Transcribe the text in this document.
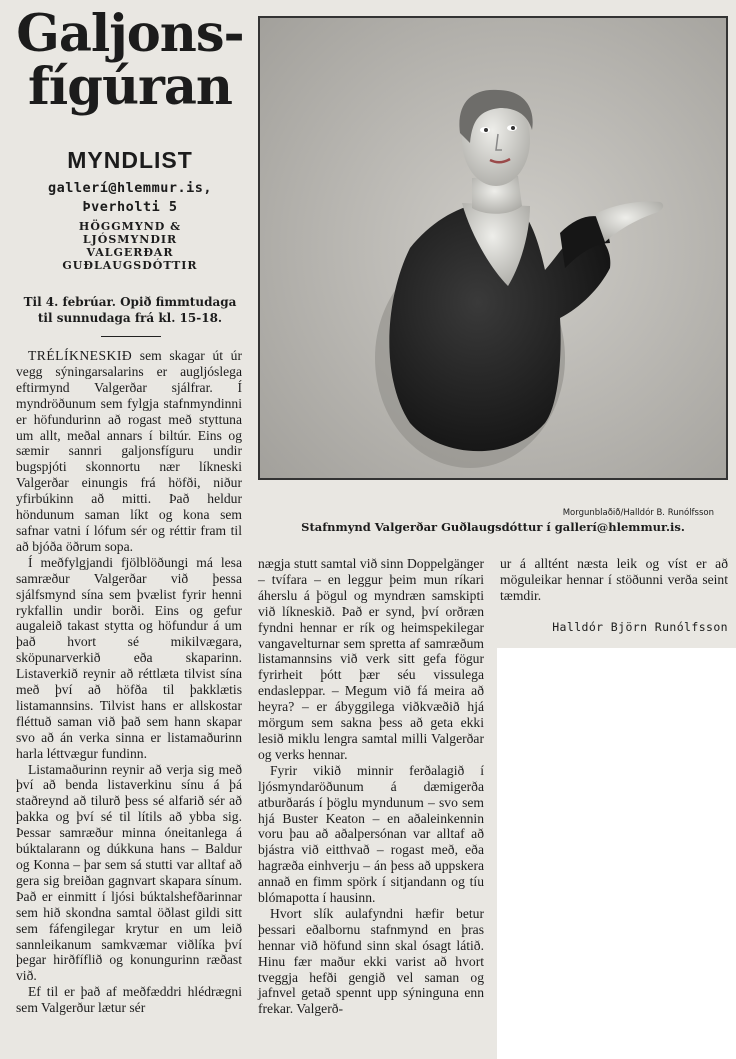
Galjons-
fígúran
MYNDLIST
gallerí@hlemmur.is,
Þverholti 5
HÖGGMYND &
LJÓSMYNDIR
VALGERÐAR
GUÐLAUGSDÓTTIR
Til 4. febrúar. Opið fimmtudaga
til sunnudaga frá kl. 15-18.

TRÉLÍKNESKIÐ sem skagar út úr vegg sýningarsalarins er augljóslega eftirmynd Valgerðar sjálfrar. Í myndröðunum sem fylgja stafnmyndinni er höfundurinn að rogast með styttuna um allt, meðal annars í biltúr. Eins og sæmir sannri galjonsfíguru undir bugspjóti skonnortu nær líkneski Valgerðar einungis frá höfði, niður yfirbúkinn að mitti. Það heldur höndunum saman líkt og kona sem safnar vatni í lófum sér og réttir fram til að bjóða öðrum sopa.

Í meðfylgjandi fjölblöðungi má lesa samræður Valgerðar við þessa sjálfsmynd sína sem þvælist fyrir henni rykfallin undir borði. Eins og gefur augaleið takast stytta og höfundur á um það hvort sé mikilvægara, sköpunarverkið eða skaparinn. Listaverkið reynir að réttlæta tilvist sína með því að höfða til þakklætis listamannsins. Tilvist hans er allskostar fléttuð saman við það sem hann skapar svo að án verka sinna er listamaðurinn harla léttvægur fundinn.

Listamaðurinn reynir að verja sig með því að benda listaverkinu sínu á þá staðreynd að tilurð þess sé alfarið sér að þakka og því sé til lítils að ybba sig. Þessar samræður minna óneitanlega á búktalarann og dúkkuna hans – Baldur og Konna – þar sem sá stutti var alltaf að gera sig breiðan gagnvart skapara sínum. Það er einmitt í ljósi búktalshefðarinnar sem hið skondna samtal öðlast gildi sitt sem fáfengilegar krytur en um leið sannleikanum samkvæmar viðlíka því þegar hirðfíflið og konungurinn ræðast við.

Ef til er það af meðfæddri hlédrægni sem Valgerður lætur sér

Morgunblaðið/Halldór B. Runólfsson
Stafnmynd Valgerðar Guðlaugsdóttur í gallerí@hlemmur.is.

nægja stutt samtal við sinn Doppelgänger – tvífara – en leggur þeim mun ríkari áherslu á þögul og myndræn samskipti við líkneskið. Það er synd, því orðræn fyndni hennar er rík og heimspekilegar vangavelturnar sem spretta af samræðum listamannsins við verk sitt gefa fögur fyrirheit þótt þær séu vissulega endasleppar. – Megum við fá meira að heyra? – er ábyggilega viðkvæðið hjá mörgum sem sakna þess að geta ekki lesið miklu lengra samtal milli Valgerðar og verks hennar.

Fyrir vikið minnir ferðalagið í ljósmyndaröðunum á dæmigerða atburðarás í þöglu myndunum – svo sem hjá Buster Keaton – en aðaleinkennin voru þau að aðalpersónan var alltaf að bjástra við eitthvað – rogast með, eða hagræða einhverju – án þess að uppskera annað en fimm spörk í sitjandann og tíu blómapotta í hausinn.

Hvort slík aulafyndni hæfir betur þessari eðalbornu stafnmynd en þras hennar við höfund sinn skal ósagt látið. Hinu fær maður ekki varist að hvort tveggja hefði gengið vel saman og jafnvel getað spennt upp sýninguna enn frekar. Valgerð-

ur á alltént næsta leik og víst er að möguleikar hennar í stöðunni verða seint tæmdir.

Halldór Björn Runólfsson
